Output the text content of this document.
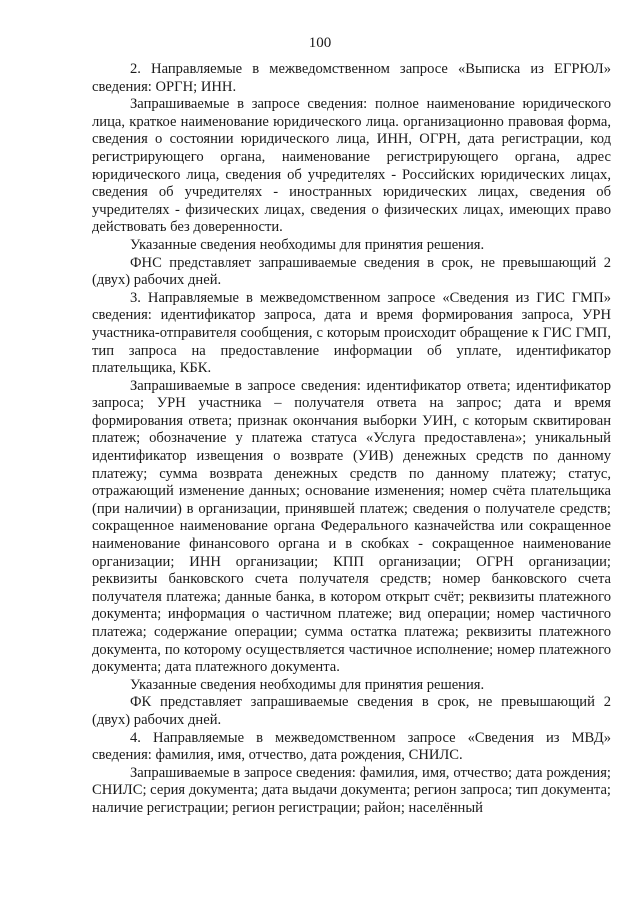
100

2. Направляемые в межведомственном запросе «Выписка из ЕГРЮЛ» сведения: ОРГН; ИНН.

Запрашиваемые в запросе сведения: полное наименование юридического лица, краткое наименование юридического лица. организационно правовая форма, сведения о состоянии юридического лица, ИНН, ОГРН, дата регистрации, код регистрирующего органа, наименование регистрирующего органа, адрес юридического лица, сведения об учредителях - Российских юридических лицах, сведения об учредителях - иностранных юридических лицах, сведения об учредителях - физических лицах, сведения о физических лицах, имеющих право действовать без доверенности.

Указанные сведения необходимы для принятия решения.

ФНС представляет запрашиваемые сведения в срок, не превышающий 2 (двух) рабочих дней.

3. Направляемые в межведомственном запросе «Сведения из ГИС ГМП» сведения: идентификатор запроса, дата и время формирования запроса, УРН участника-отправителя сообщения, с которым происходит обращение к ГИС ГМП, тип запроса на предоставление информации об уплате, идентификатор плательщика, КБК.

Запрашиваемые в запросе сведения: идентификатор ответа; идентификатор запроса; УРН участника – получателя ответа на запрос; дата и время формирования ответа; признак окончания выборки УИН, с которым сквитирован платеж; обозначение у платежа статуса «Услуга предоставлена»; уникальный идентификатор извещения о возврате (УИВ) денежных средств по данному платежу; сумма возврата денежных средств по данному платежу; статус, отражающий изменение данных; основание изменения; номер счёта плательщика (при наличии) в организации, принявшей платеж; сведения о получателе средств; сокращенное наименование органа Федерального казначейства или сокращенное наименование финансового органа и в скобках - сокращенное наименование организации; ИНН организации; КПП организации; ОГРН организации; реквизиты банковского счета получателя средств; номер банковского счета получателя платежа; данные банка, в котором открыт счёт; реквизиты платежного документа; информация о частичном платеже; вид операции; номер частичного платежа; содержание операции; сумма остатка платежа; реквизиты платежного документа, по которому осуществляется частичное исполнение; номер платежного документа; дата платежного документа.

Указанные сведения необходимы для принятия решения.

ФК представляет запрашиваемые сведения в срок, не превышающий 2 (двух) рабочих дней.

4. Направляемые в межведомственном запросе «Сведения из МВД» сведения: фамилия, имя, отчество, дата рождения, СНИЛС.

Запрашиваемые в запросе сведения: фамилия, имя, отчество; дата рождения; СНИЛС; серия документа; дата выдачи документа; регион запроса; тип документа; наличие регистрации; регион регистрации; район; населённый
